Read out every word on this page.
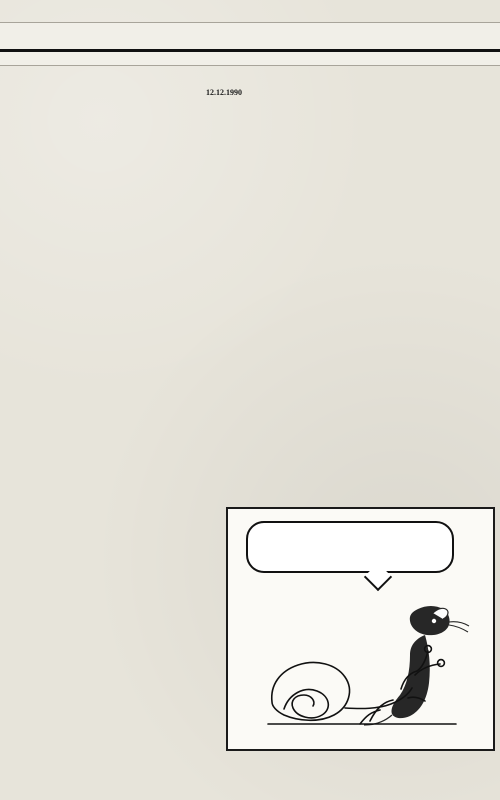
12.12.1990
